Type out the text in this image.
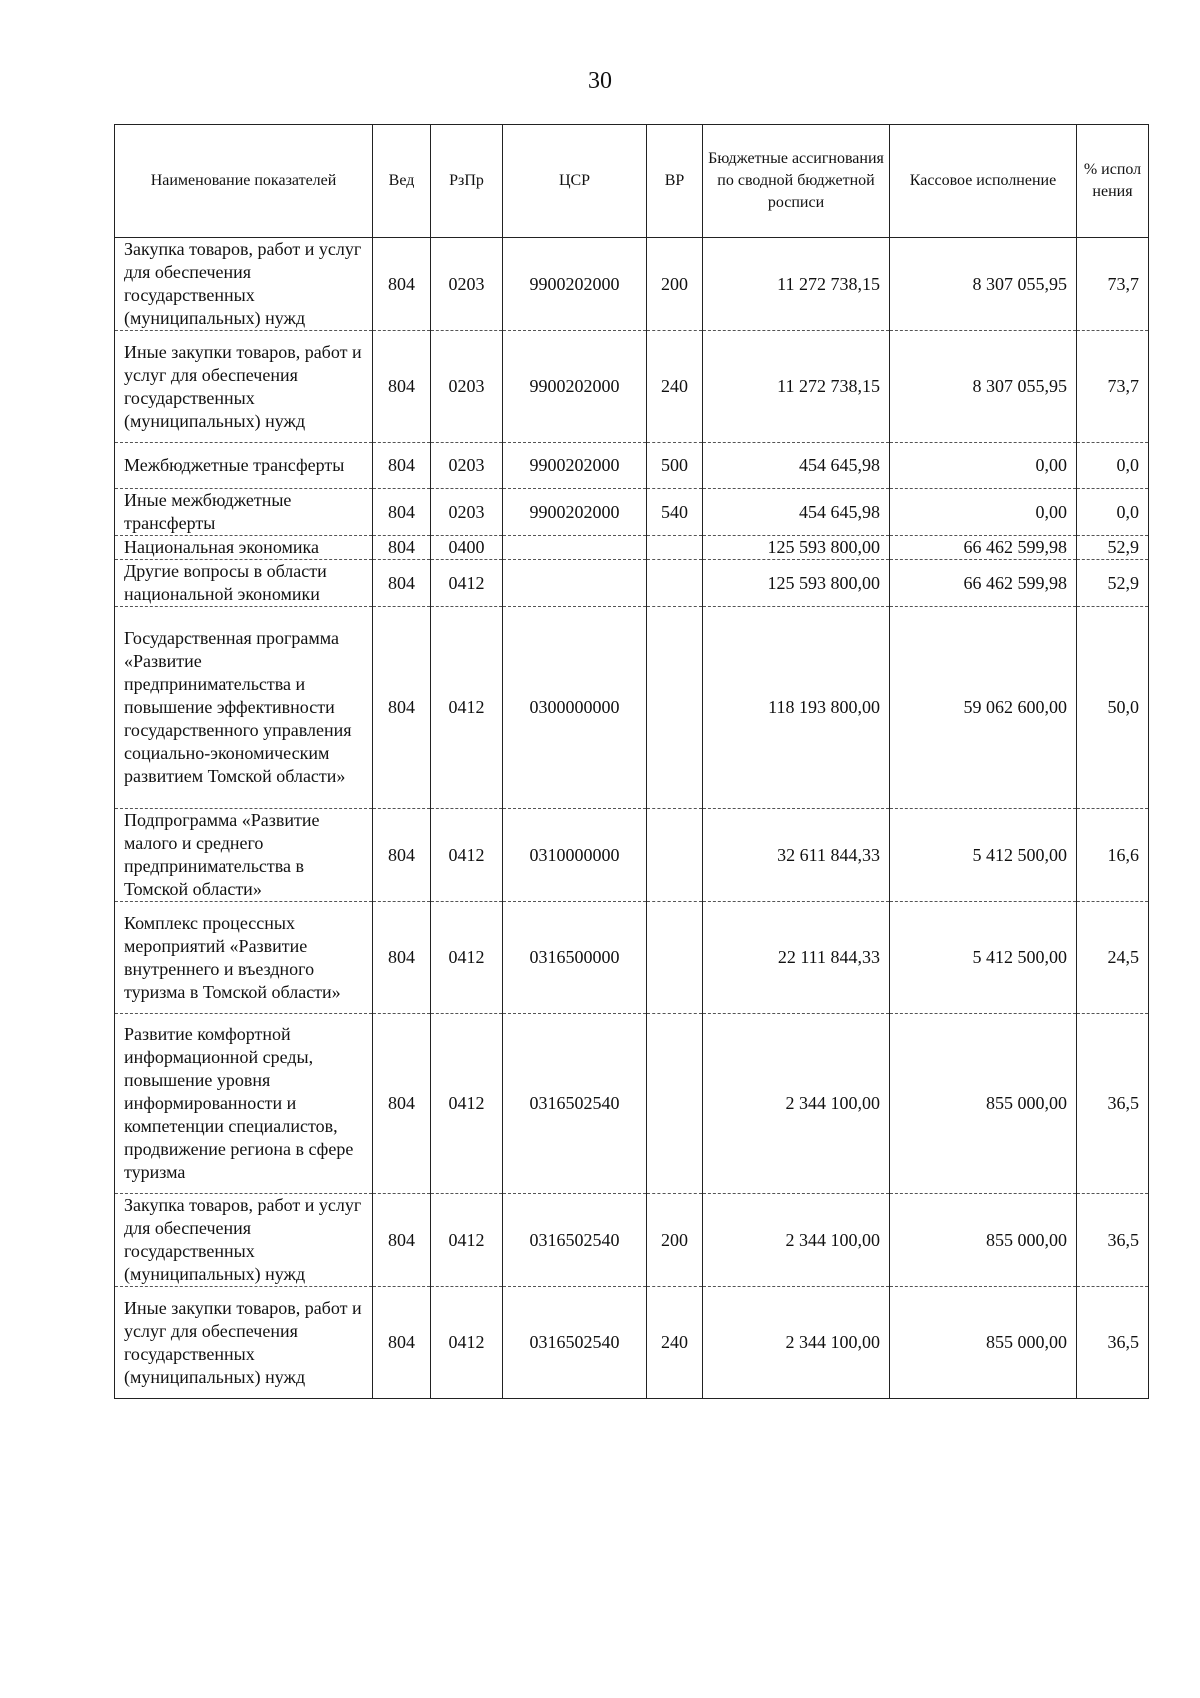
30
Наименование показателей	Вед	РзПр	ЦСР	ВР	Бюджетные ассигнования по сводной бюджетной росписи	Кассовое исполнение	% испол нения
Закупка товаров, работ и услуг для обеспечения государственных (муниципальных) нужд	804	0203	9900202000	200	11 272 738,15	8 307 055,95	73,7
Иные закупки товаров, работ и услуг для обеспечения государственных (муниципальных) нужд	804	0203	9900202000	240	11 272 738,15	8 307 055,95	73,7
Межбюджетные трансферты	804	0203	9900202000	500	454 645,98	0,00	0,0
Иные межбюджетные трансферты	804	0203	9900202000	540	454 645,98	0,00	0,0
Национальная экономика	804	0400			125 593 800,00	66 462 599,98	52,9
Другие вопросы в области национальной экономики	804	0412			125 593 800,00	66 462 599,98	52,9
Государственная программа «Развитие предпринимательства и повышение эффективности государственного управления социально-экономическим развитием Томской области»	804	0412	0300000000		118 193 800,00	59 062 600,00	50,0
Подпрограмма «Развитие малого и среднего предпринимательства в Томской области»	804	0412	0310000000		32 611 844,33	5 412 500,00	16,6
Комплекс процессных мероприятий «Развитие внутреннего и въездного туризма в Томской области»	804	0412	0316500000		22 111 844,33	5 412 500,00	24,5
Развитие комфортной информационной среды, повышение уровня информированности и компетенции специалистов, продвижение региона в сфере туризма	804	0412	0316502540		2 344 100,00	855 000,00	36,5
Закупка товаров, работ и услуг для обеспечения государственных (муниципальных) нужд	804	0412	0316502540	200	2 344 100,00	855 000,00	36,5
Иные закупки товаров, работ и услуг для обеспечения государственных (муниципальных) нужд	804	0412	0316502540	240	2 344 100,00	855 000,00	36,5
